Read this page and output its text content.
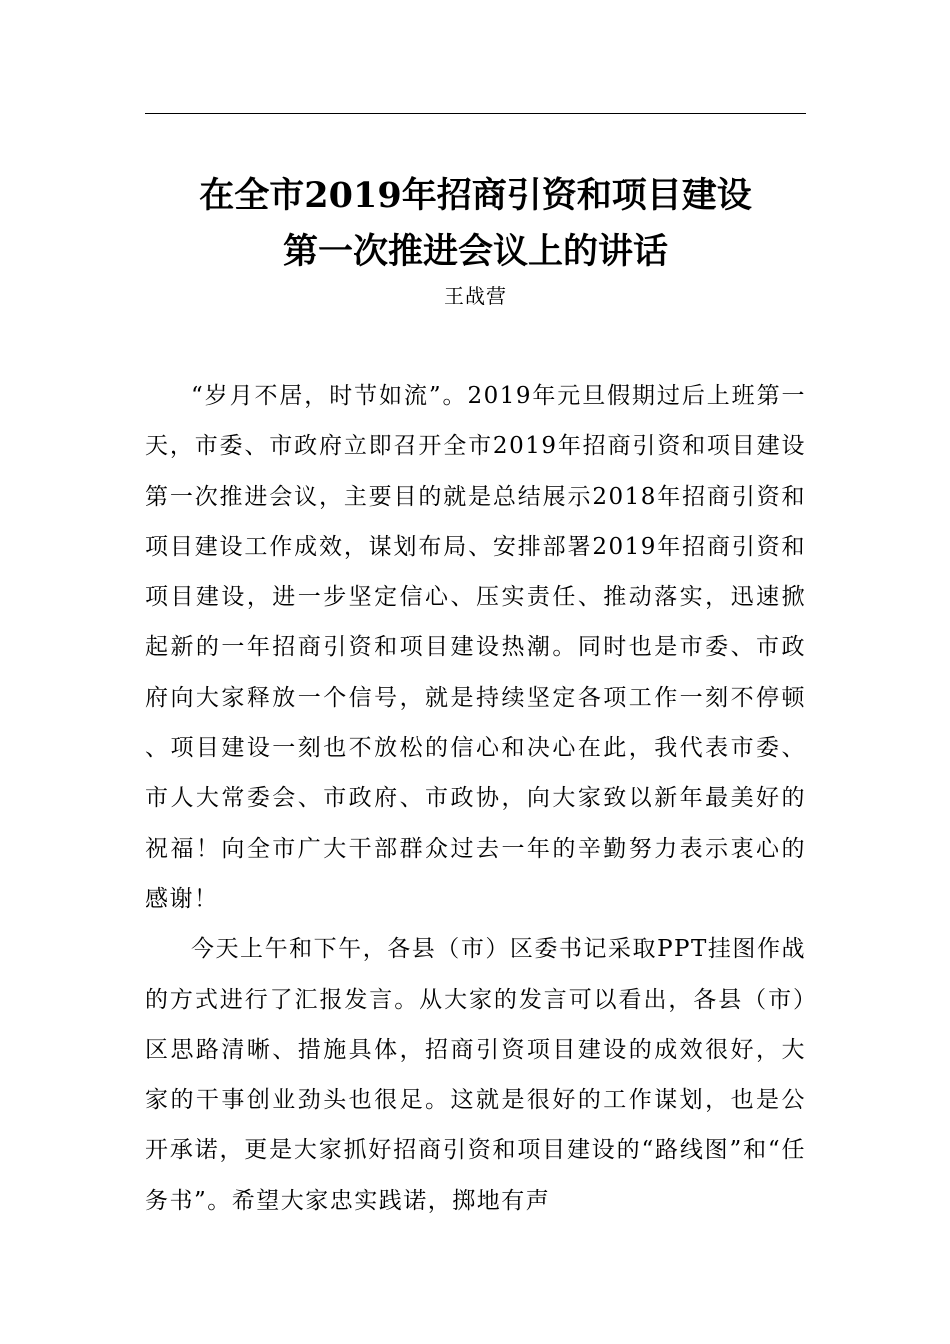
在全市2019年招商引资和项目建设
第一次推进会议上的讲话
王战营

“岁月不居，时节如流”。2019年元旦假期过后上班第一天，市委、市政府立即召开全市2019年招商引资和项目建设第一次推进会议，主要目的就是总结展示2018年招商引资和项目建设工作成效，谋划布局、安排部署2019年招商引资和项目建设，进一步坚定信心、压实责任、推动落实，迅速掀起新的一年招商引资和项目建设热潮。同时也是市委、市政府向大家释放一个信号，就是持续坚定各项工作一刻不停顿、项目建设一刻也不放松的信心和决心在此，我代表市委、市人大常委会、市政府、市政协，向大家致以新年最美好的祝福！向全市广大干部群众过去一年的辛勤努力表示衷心的感谢！

今天上午和下午，各县（市）区委书记采取PPT挂图作战的方式进行了汇报发言。从大家的发言可以看出，各县（市）区思路清晰、措施具体，招商引资项目建设的成效很好，大家的干事创业劲头也很足。这就是很好的工作谋划，也是公开承诺，更是大家抓好招商引资和项目建设的“路线图”和“任务书”。希望大家忠实践诺，掷地有声
